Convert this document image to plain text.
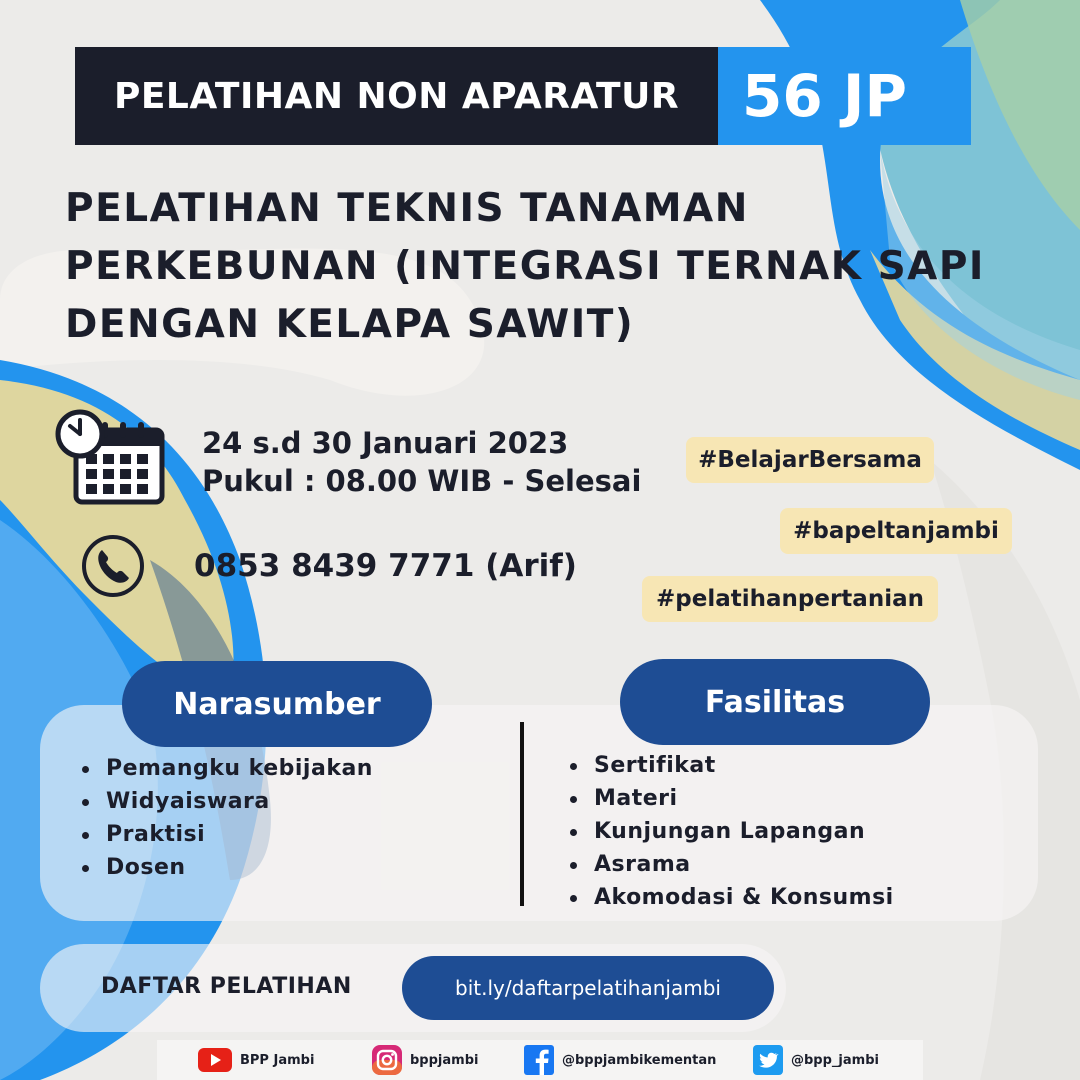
PELATIHAN NON APARATUR	56 JP
PELATIHAN TEKNIS TANAMAN
PERKEBUNAN (INTEGRASI TERNAK SAPI
DENGAN KELAPA SAWIT)
24 s.d 30 Januari 2023
Pukul : 08.00 WIB - Selesai
0853 8439 7771 (Arif)
#BelajarBersama
#bapeltanjambi
#pelatihanpertanian
Narasumber	Fasilitas
Pemangku kebijakan
Widyaiswara
Praktisi
Dosen
Sertifikat
Materi
Kunjungan Lapangan
Asrama
Akomodasi & Konsumsi
DAFTAR PELATIHAN	bit.ly/daftarpelatihanjambi
BPP Jambi	bppjambi	@bppjambikementan	@bpp_jambi
